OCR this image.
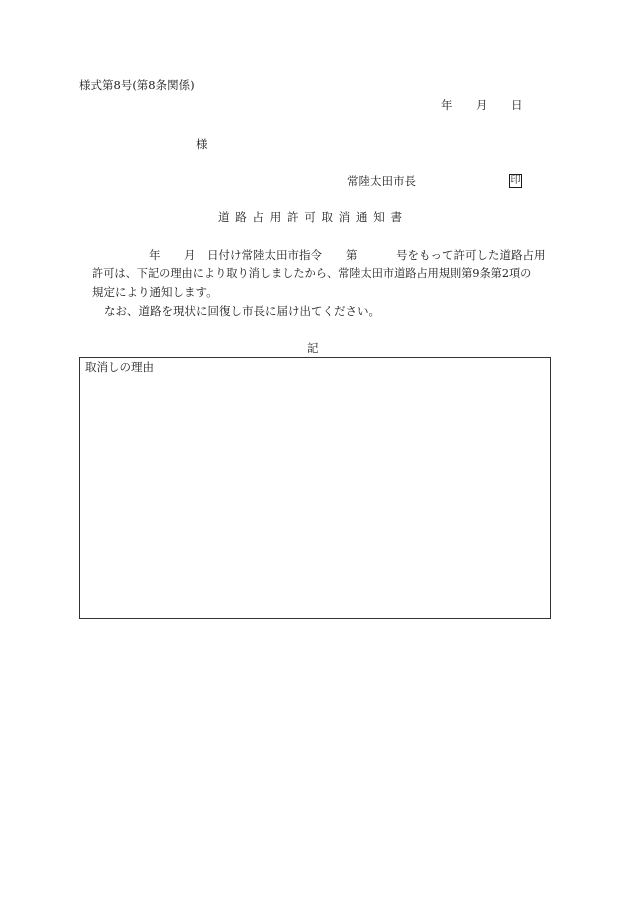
様式第8号(第8条関係)
年 月 日
様
常陸太田市長	印
道路占用許可取消通知書
年 月 日付け常陸太田市指令 第	号をもって許可した道路占用
許可は、下記の理由により取り消しましたから、常陸太田市道路占用規則第9条第2項の
規定により通知します。
なお、道路を現状に回復し市長に届け出てください。
記
取消しの理由
